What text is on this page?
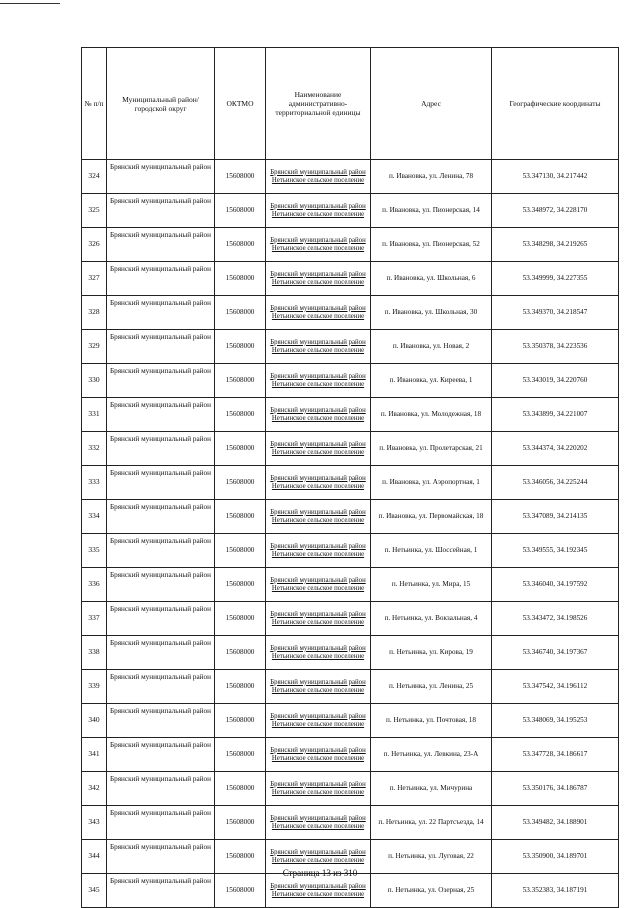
№ п/п	Муниципальный район/городской округ	ОКТМО	Наименование административно-территориальной единицы	Адрес	Географические координаты
324	Брянский муниципальный район	15608000	Брянский муниципальный район Нетьинское сельское поселение	п. Ивановка, ул. Ленина, 78	53.347130, 34.217442
325	Брянский муниципальный район	15608000	Брянский муниципальный район Нетьинское сельское поселение	п. Ивановка, ул. Пионерская, 14	53.348972, 34.228170
326	Брянский муниципальный район	15608000	Брянский муниципальный район Нетьинское сельское поселение	п. Ивановка, ул. Пионерская, 52	53.348298, 34.219265
327	Брянский муниципальный район	15608000	Брянский муниципальный район Нетьинское сельское поселение	п. Ивановка, ул. Школьная, 6	53.349999, 34.227355
328	Брянский муниципальный район	15608000	Брянский муниципальный район Нетьинское сельское поселение	п. Ивановка, ул. Школьная, 30	53.349370, 34.218547
329	Брянский муниципальный район	15608000	Брянский муниципальный район Нетьинское сельское поселение	п. Ивановка, ул. Новая, 2	53.350378, 34.223536
330	Брянский муниципальный район	15608000	Брянский муниципальный район Нетьинское сельское поселение	п. Ивановка, ул. Киреева, 1	53.343019, 34.220760
331	Брянский муниципальный район	15608000	Брянский муниципальный район Нетьинское сельское поселение	п. Ивановка, ул. Молодежная, 18	53.343899, 34.221007
332	Брянский муниципальный район	15608000	Брянский муниципальный район Нетьинское сельское поселение	п. Ивановка, ул. Пролетарская, 21	53.344374, 34.220202
333	Брянский муниципальный район	15608000	Брянский муниципальный район Нетьинское сельское поселение	п. Ивановка, ул. Аэропортная, 1	53.346056, 34.225244
334	Брянский муниципальный район	15608000	Брянский муниципальный район Нетьинское сельское поселение	п. Ивановка, ул. Первомайская, 18	53.347089, 34.214135
335	Брянский муниципальный район	15608000	Брянский муниципальный район Нетьинское сельское поселение	п. Нетьинка, ул. Шоссейная, 1	53.349555, 34.192345
336	Брянский муниципальный район	15608000	Брянский муниципальный район Нетьинское сельское поселение	п. Нетьинка, ул. Мира, 15	53.346040, 34.197592
337	Брянский муниципальный район	15608000	Брянский муниципальный район Нетьинское сельское поселение	п. Нетьинка, ул. Вокзальная, 4	53.343472, 34.198526
338	Брянский муниципальный район	15608000	Брянский муниципальный район Нетьинское сельское поселение	п. Нетьинка, ул. Кирова, 19	53.346740, 34.197367
339	Брянский муниципальный район	15608000	Брянский муниципальный район Нетьинское сельское поселение	п. Нетьинка, ул. Ленина, 25	53.347542, 34.196112
340	Брянский муниципальный район	15608000	Брянский муниципальный район Нетьинское сельское поселение	п. Нетьинка, ул. Почтовая, 18	53.348069, 34.195253
341	Брянский муниципальный район	15608000	Брянский муниципальный район Нетьинское сельское поселение	п. Нетьинка, ул. Левкина, 23-А	53.347728, 34.186617
342	Брянский муниципальный район	15608000	Брянский муниципальный район Нетьинское сельское поселение	п. Нетьинка, ул. Мичурина	53.350176, 34.186787
343	Брянский муниципальный район	15608000	Брянский муниципальный район Нетьинское сельское поселение	п. Нетьинка, ул. 22 Партсъезда, 14	53.349482, 34.188901
344	Брянский муниципальный район	15608000	Брянский муниципальный район Нетьинское сельское поселение	п. Нетьинка, ул. Луговая, 22	53.350900, 34.189701
345	Брянский муниципальный район	15608000	Брянский муниципальный район Нетьинское сельское поселение	п. Нетьинка, ул. Озерная, 25	53.352383, 34.187191
Страница 13 из 310
